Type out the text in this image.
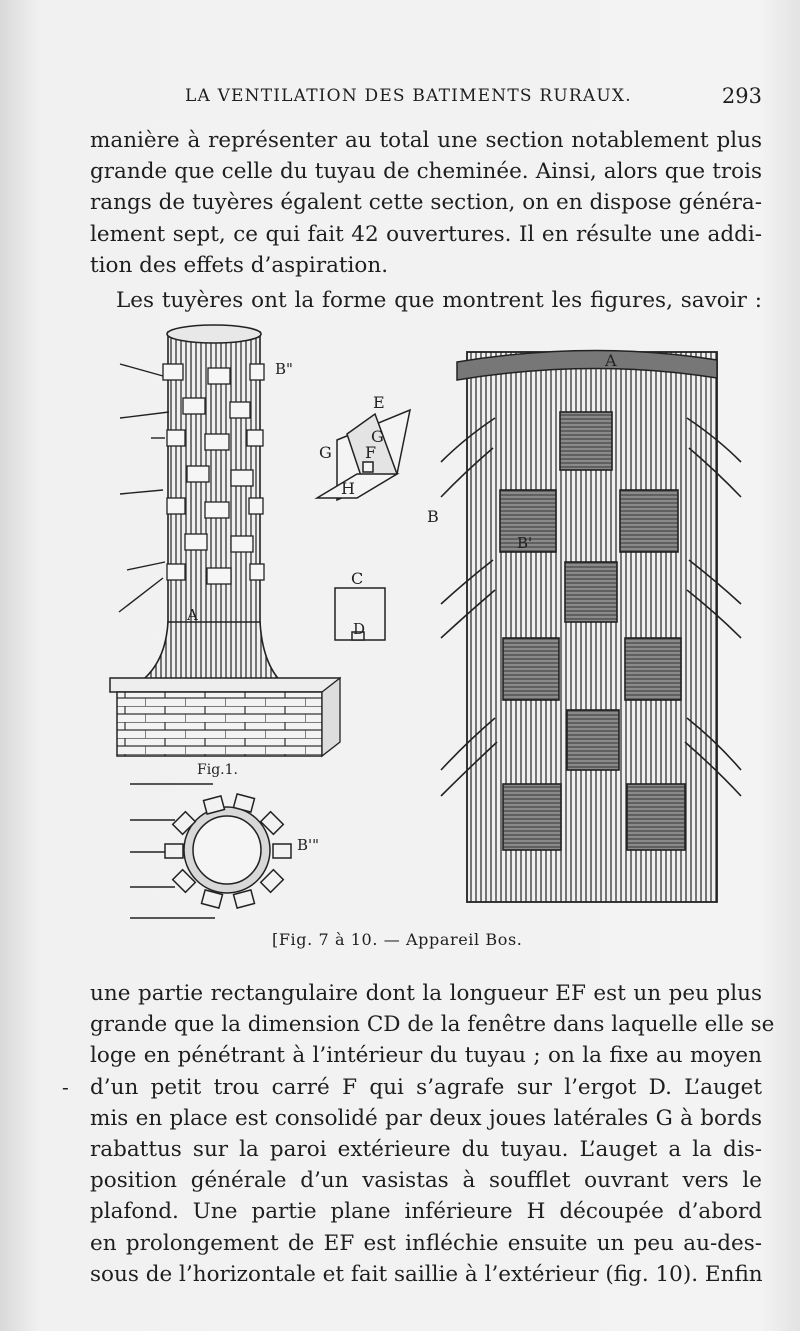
LA VENTILATION DES BATIMENTS RURAUX.	293

manière à représenter au total une section notablement plus
grande que celle du tuyau de cheminée. Ainsi, alors que trois
rangs de tuyères égalent cette section, on en dispose généra-
lement sept, ce qui fait 42 ouvertures. Il en résulte une addi-
tion des effets d’aspiration.

Les tuyères ont la forme que montrent les figures, savoir :

B"
A
E
G
G F
H
C
D
Fig.1.
B'"
A
B
B'
[Fig. 7 à 10. — Appareil Bos.
-

une partie rectangulaire dont la longueur EF est un peu plus
grande que la dimension CD de la fenêtre dans laquelle elle se
loge en pénétrant à l’intérieur du tuyau ; on la fixe au moyen
d’un petit trou carré F qui s’agrafe sur l’ergot D. L’auget
mis en place est consolidé par deux joues latérales G à bords
rabattus sur la paroi extérieure du tuyau. L’auget a la dis-
position générale d’un vasistas à soufflet ouvrant vers le
plafond. Une partie plane inférieure H découpée d’abord
en prolongement de EF est infléchie ensuite un peu au-des-
sous de l’horizontale et fait saillie à l’extérieur (fig. 10). Enfin
